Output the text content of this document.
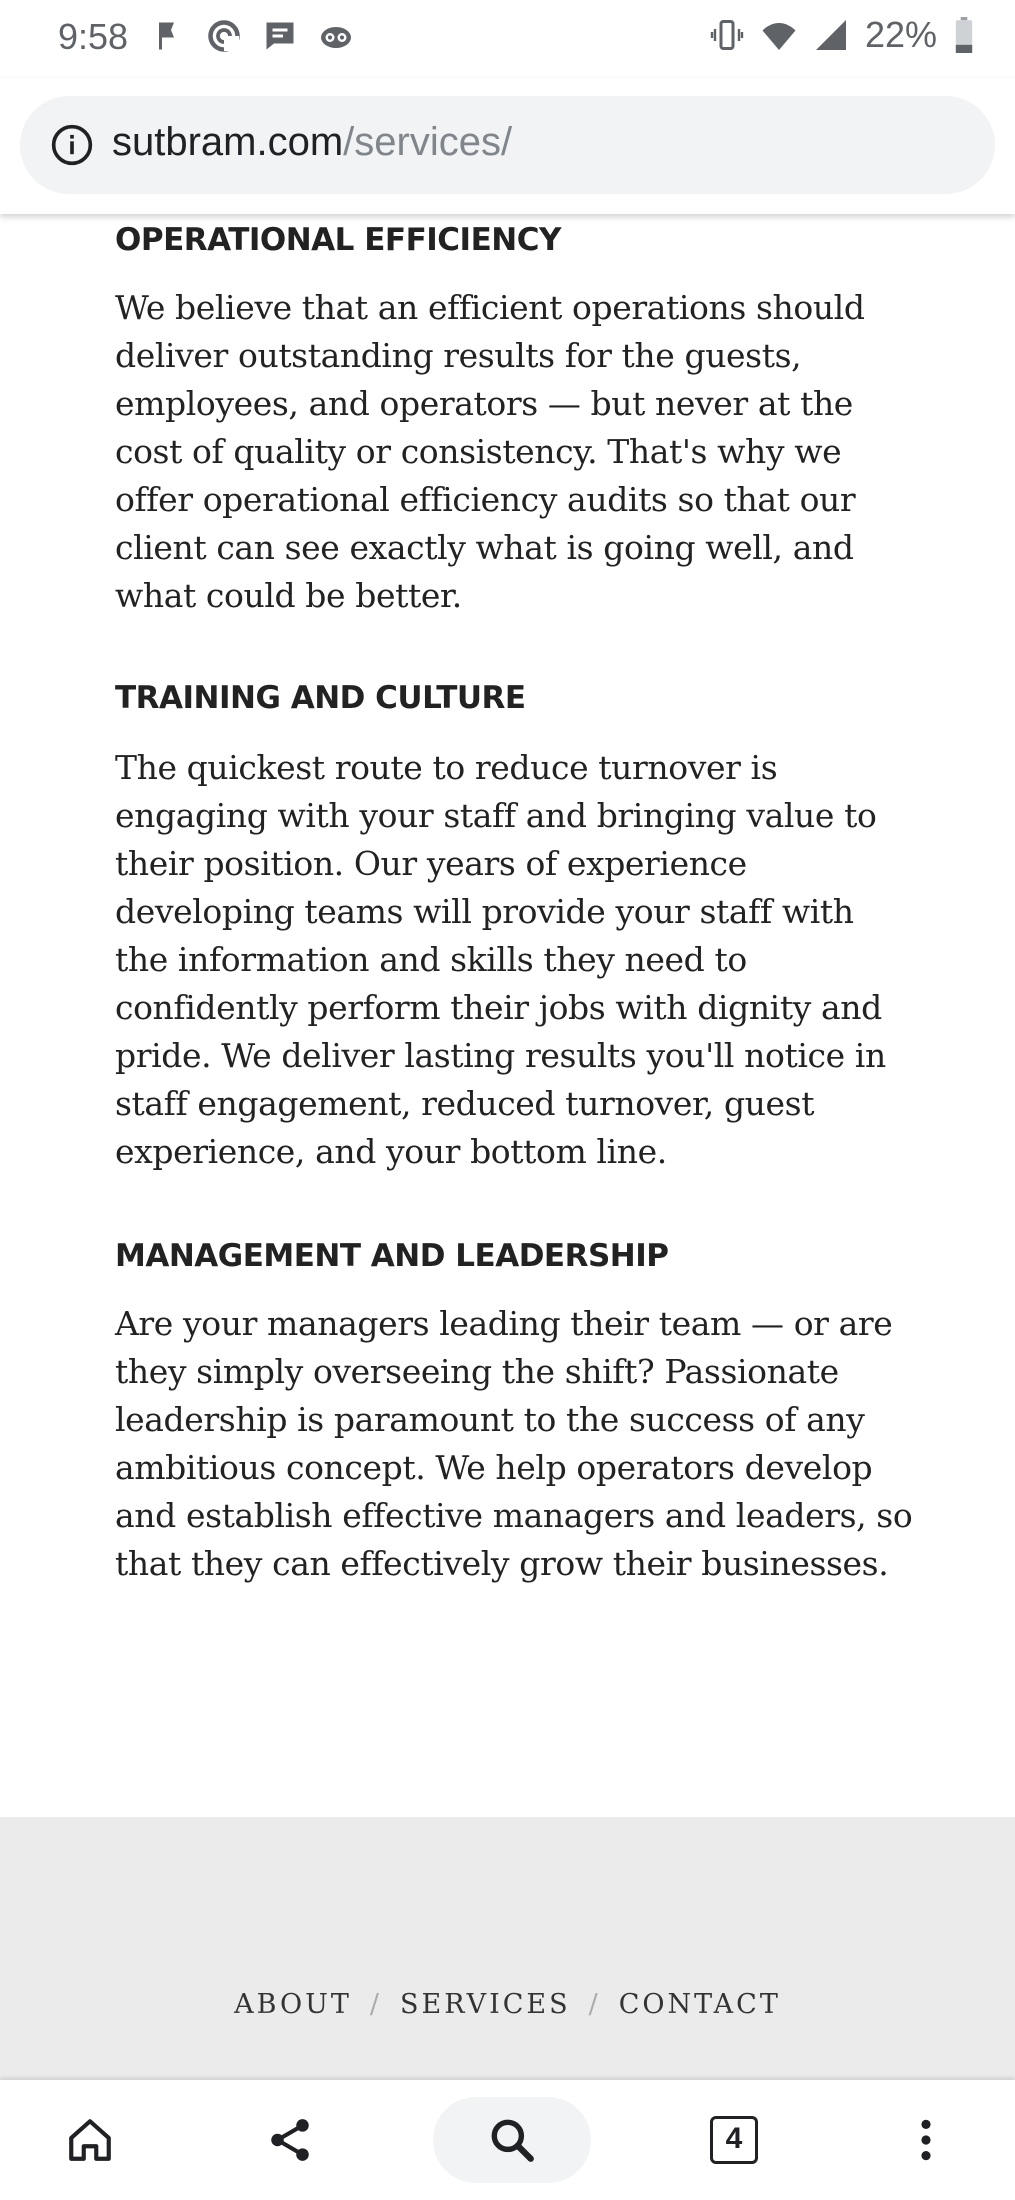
9:58	22%
sutbram.com/services/
OPERATIONAL EFFICIENCY

We believe that an efficient operations should deliver outstanding results for the guests, employees, and operators — but never at the cost of quality or consistency. That's why we offer operational efficiency audits so that our client can see exactly what is going well, and what could be better.

TRAINING AND CULTURE

The quickest route to reduce turnover is engaging with your staff and bringing value to their position. Our years of experience developing teams will provide your staff with the information and skills they need to confidently perform their jobs with dignity and pride. We deliver lasting results you'll notice in staff engagement, reduced turnover, guest experience, and your bottom line.

MANAGEMENT AND LEADERSHIP

Are your managers leading their team — or are they simply overseeing the shift? Passionate leadership is paramount to the success of any ambitious concept. We help operators develop and establish effective managers and leaders, so that they can effectively grow their businesses.

ABOUT / SERVICES / CONTACT
4
